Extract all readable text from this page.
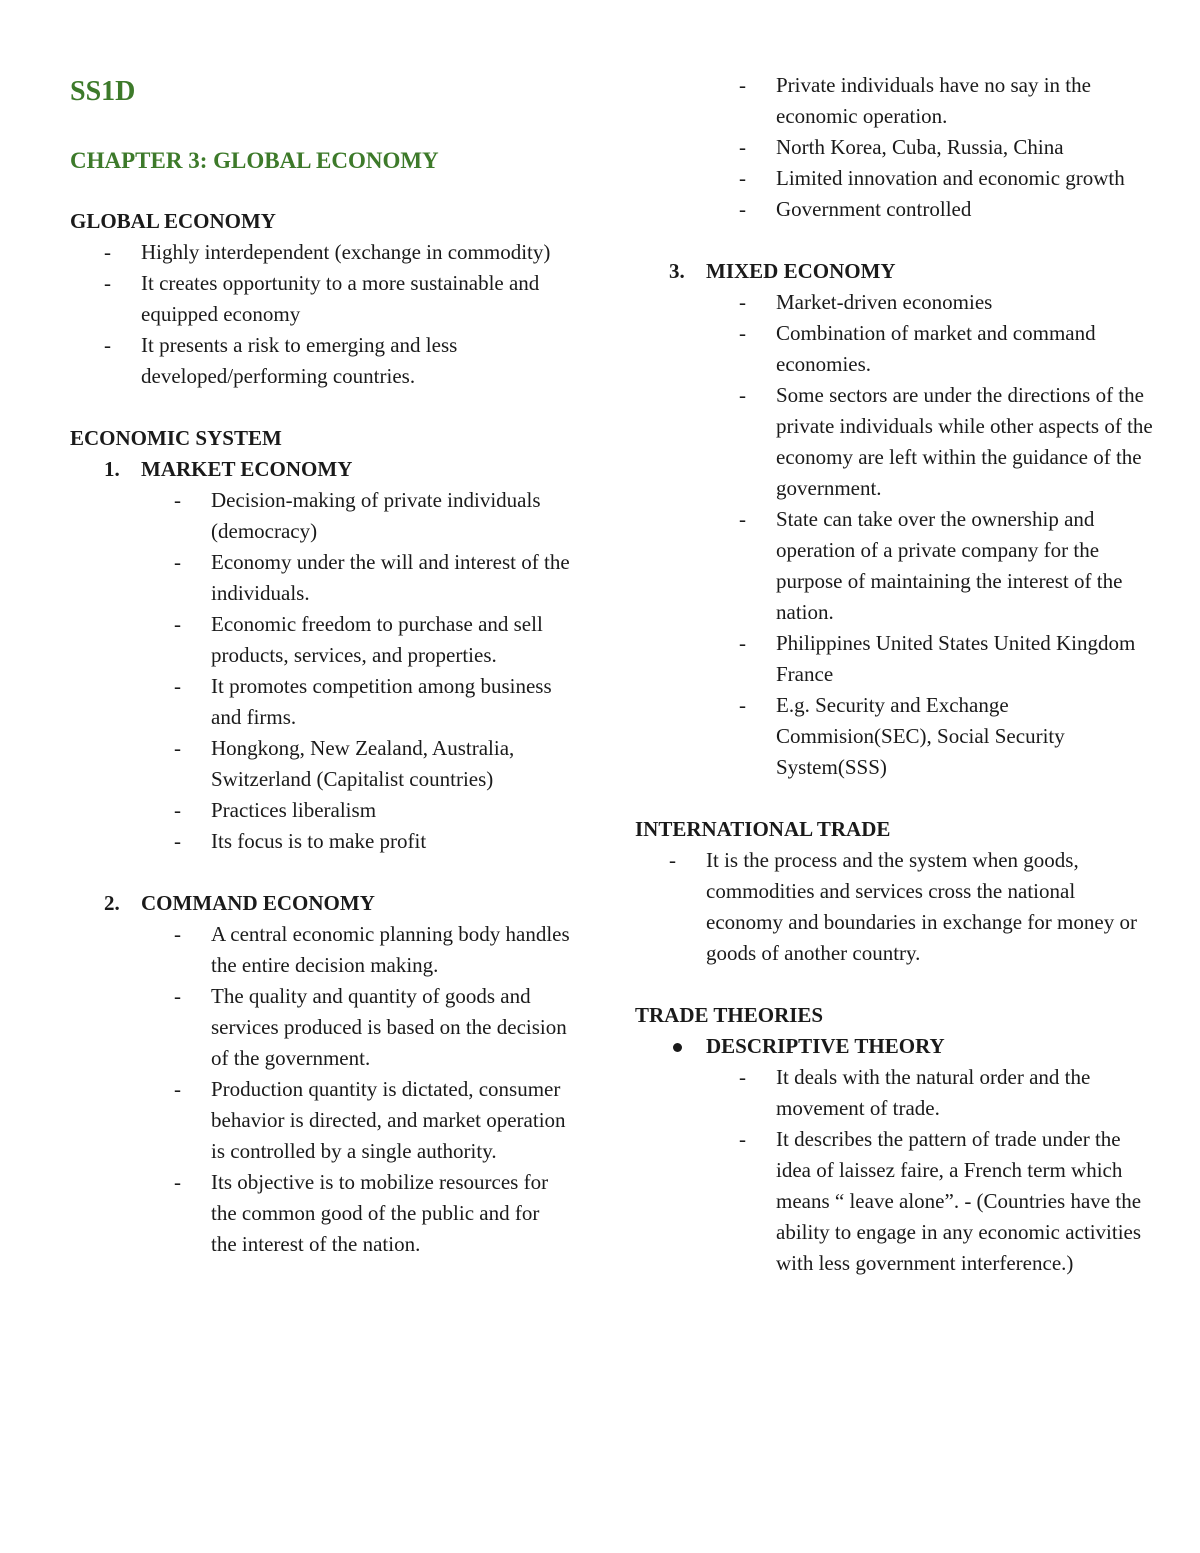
SS1D

CHAPTER 3: GLOBAL ECONOMY

GLOBAL ECONOMY

- Highly interdependent (exchange in commodity)
- It creates opportunity to a more sustainable and equipped economy
- It presents a risk to emerging and less developed/performing countries.

ECONOMIC SYSTEM

1. MARKET ECONOMY
- Decision-making of private individuals (democracy)
- Economy under the will and interest of the individuals.
- Economic freedom to purchase and sell products, services, and properties.
- It promotes competition among business and firms.
- Hongkong, New Zealand, Australia, Switzerland (Capitalist countries)
- Practices liberalism
- Its focus is to make profit
2. COMMAND ECONOMY
- A central economic planning body handles the entire decision making.
- The quality and quantity of goods and services produced is based on the decision of the government.
- Production quantity is dictated, consumer behavior is directed, and market operation is controlled by a single authority.
- Its objective is to mobilize resources for the common good of the public and for the interest of the nation.
- Private individuals have no say in the economic operation.
- North Korea, Cuba, Russia, China
- Limited innovation and economic growth
- Government controlled
3. MIXED ECONOMY
- Market-driven economies
- Combination of market and command economies.
- Some sectors are under the directions of the private individuals while other aspects of the economy are left within the guidance of the government.
- State can take over the ownership and operation of a private company for the purpose of maintaining the interest of the nation.
- Philippines United States United Kingdom France
- E.g. Security and Exchange Commision(SEC), Social Security System(SSS)

INTERNATIONAL TRADE

- It is the process and the system when goods, commodities and services cross the national economy and boundaries in exchange for money or goods of another country.

TRADE THEORIES

DESCRIPTIVE THEORY
- It deals with the natural order and the movement of trade.
- It describes the pattern of trade under the idea of laissez faire, a French term which means “ leave alone”. - (Countries have the ability to engage in any economic activities with less government interference.)
